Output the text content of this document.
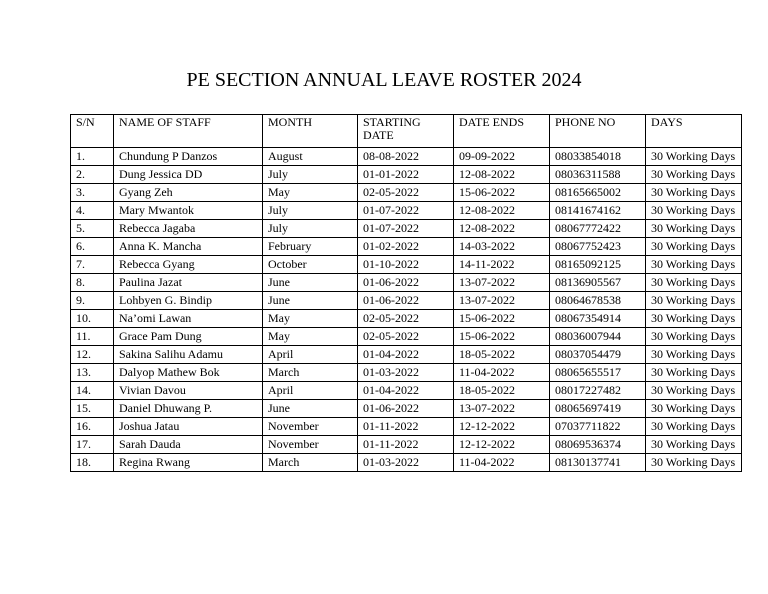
PE SECTION ANNUAL LEAVE ROSTER 2024
S/N	NAME OF STAFF	MONTH	STARTING DATE	DATE ENDS	PHONE NO	DAYS
1.	Chundung P Danzos	August	08-08-2022	09-09-2022	08033854018	30 Working Days
2.	Dung Jessica DD	July	01-01-2022	12-08-2022	08036311588	30 Working Days
3.	Gyang Zeh	May	02-05-2022	15-06-2022	08165665002	30 Working Days
4.	Mary Mwantok	July	01-07-2022	12-08-2022	08141674162	30 Working Days
5.	Rebecca Jagaba	July	01-07-2022	12-08-2022	08067772422	30 Working Days
6.	Anna K. Mancha	February	01-02-2022	14-03-2022	08067752423	30 Working Days
7.	Rebecca Gyang	October	01-10-2022	14-11-2022	08165092125	30 Working Days
8.	Paulina Jazat	June	01-06-2022	13-07-2022	08136905567	30 Working Days
9.	Lohbyen G. Bindip	June	01-06-2022	13-07-2022	08064678538	30 Working Days
10.	Na’omi Lawan	May	02-05-2022	15-06-2022	08067354914	30 Working Days
11.	Grace Pam Dung	May	02-05-2022	15-06-2022	08036007944	30 Working Days
12.	Sakina Salihu Adamu	April	01-04-2022	18-05-2022	08037054479	30 Working Days
13.	Dalyop Mathew Bok	March	01-03-2022	11-04-2022	08065655517	30 Working Days
14.	Vivian Davou	April	01-04-2022	18-05-2022	08017227482	30 Working Days
15.	Daniel Dhuwang P.	June	01-06-2022	13-07-2022	08065697419	30 Working Days
16.	Joshua Jatau	November	01-11-2022	12-12-2022	07037711822	30 Working Days
17.	Sarah Dauda	November	01-11-2022	12-12-2022	08069536374	30 Working Days
18.	Regina Rwang	March	01-03-2022	11-04-2022	08130137741	30 Working Days
